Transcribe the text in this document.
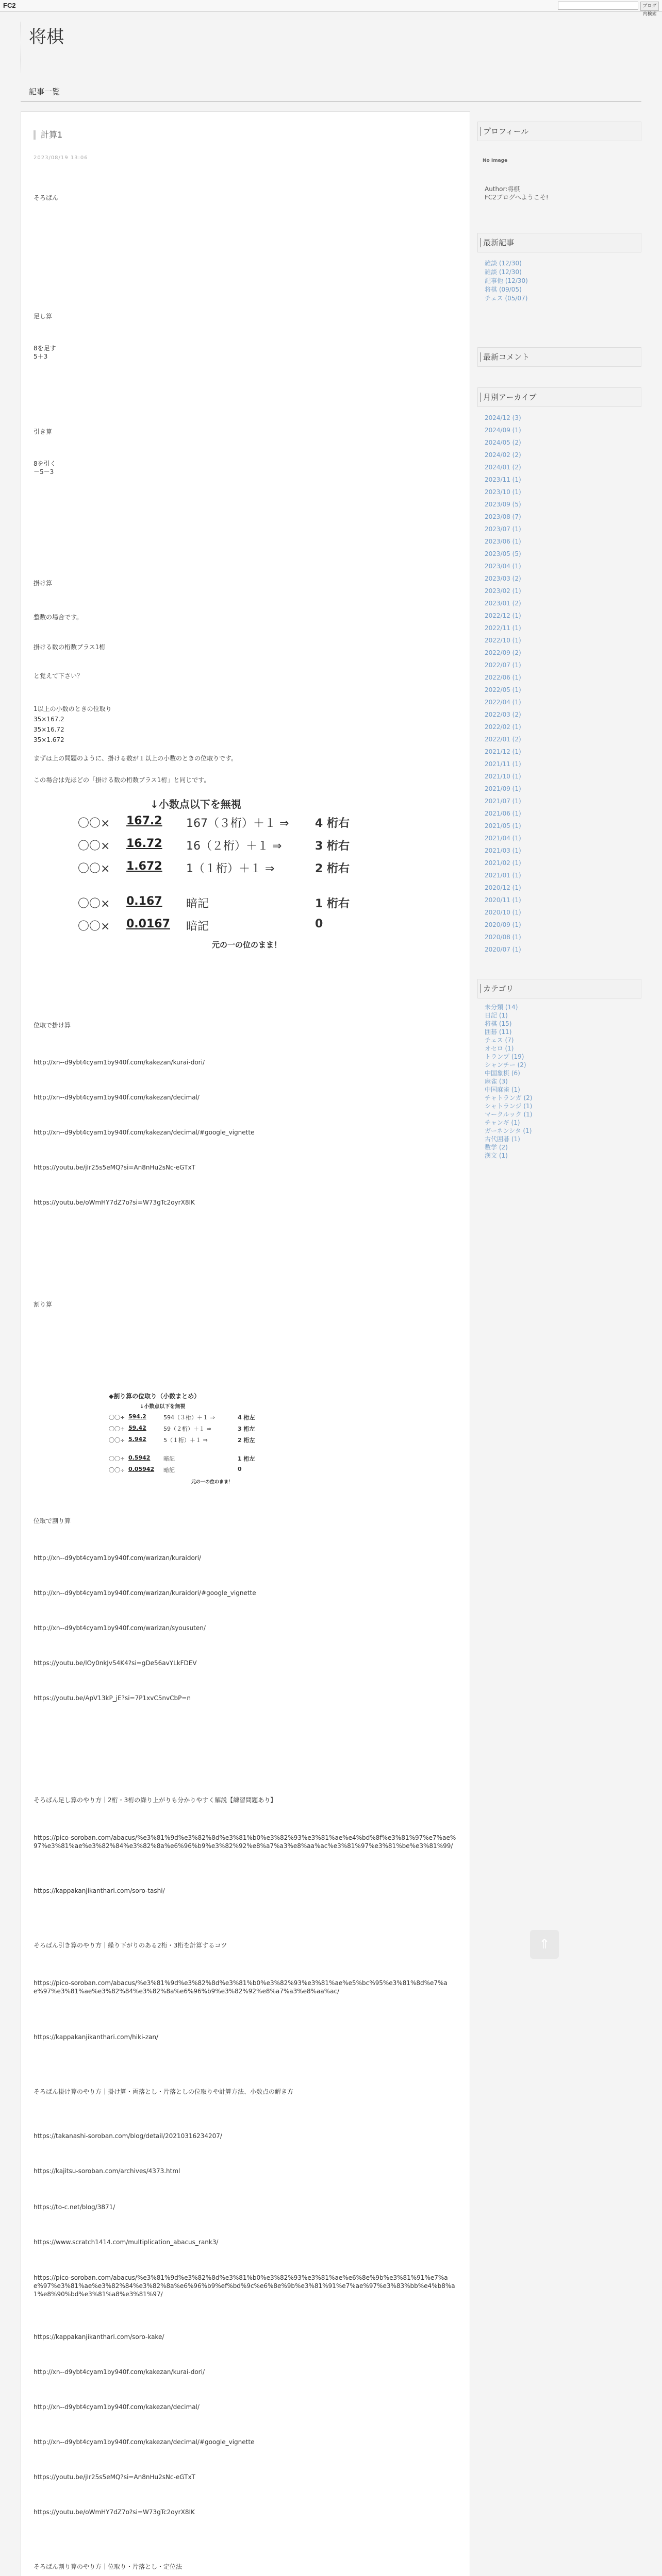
FC2	ブログ内検索
将棋
記事一覧
計算1
2023/08/19 13:06
そろばん
足し算
8を足す
5＋3
引き算
8を引く
－5－3
掛け算
整数の場合です。
掛ける数の桁数プラス1桁
と覚えて下さい？
1以上の小数のときの位取り
35×167.2
35×16.72
35×1.672
まずは上の問題のように、掛ける数が１以上の小数のときの位取りです。
この場合は先ほどの「掛ける数の桁数プラス1桁」と同じです。
位取で掛け算
http://xn--d9ybt4cyam1by940f.com/kakezan/kurai-dori/
http://xn--d9ybt4cyam1by940f.com/kakezan/decimal/
http://xn--d9ybt4cyam1by940f.com/kakezan/decimal/#google_vignette
https://youtu.be/jIr25s5eMQ?si=An8nHu2sNc-eGTxT
https://youtu.be/oWmHY7dZ7o?si=W73gTc2oyrX8IK
割り算
位取で割り算
http://xn--d9ybt4cyam1by940f.com/warizan/kuraidori/
http://xn--d9ybt4cyam1by940f.com/warizan/kuraidori/#google_vignette
http://xn--d9ybt4cyam1by940f.com/warizan/syousuten/
https://youtu.be/lOy0nkJv54K4?si=gDe56avYLkFDEV
https://youtu.be/ApV13kP_jE?si=7P1xvC5nvCbP=n
そろばん足し算のやり方｜2桁・3桁の繰り上がりも分かりやすく解説【練習問題あり】
https://pico-soroban.com/abacus/%e3%81%9d%e3%82%8d%e3%81%b0%e3%82%93%e3%81%ae%e4%bd%8f%e3%81%97%e7%ae%97%e3%81%ae%e3%82%84%e3%82%8a%e6%96%b9%e3%82%92%e8%a7%a3%e8%aa%ac%e3%81%97%e3%81%be%e3%81%99/
https://kappakanjikanthari.com/soro-tashi/
そろばん引き算のやり方｜繰り下がりのある2桁・3桁を計算するコツ
https://pico-soroban.com/abacus/%e3%81%9d%e3%82%8d%e3%81%b0%e3%82%93%e3%81%ae%e5%bc%95%e3%81%8d%e7%ae%97%e3%81%ae%e3%82%84%e3%82%8a%e6%96%b9%e3%82%92%e8%a7%a3%e8%aa%ac/
https://kappakanjikanthari.com/hiki-zan/
そろばん掛け算のやり方｜掛け算・両落とし・片落としの位取りや計算方法、小数点の解き方
https://takanashi-soroban.com/blog/detail/20210316234207/
https://kajitsu-soroban.com/archives/4373.html
https://to-c.net/blog/3871/
https://www.scratch1414.com/multiplication_abacus_rank3/
https://pico-soroban.com/abacus/%e3%81%9d%e3%82%8d%e3%81%b0%e3%82%93%e3%81%ae%e6%8e%9b%e3%81%91%e7%ae%97%e3%81%ae%e3%82%84%e3%82%8a%e6%96%b9%ef%bd%9c%e6%8e%9b%e3%81%91%e7%ae%97%e3%83%bb%e4%b8%a1%e8%90%bd%e3%81%a8%e3%81%97/
https://kappakanjikanthari.com/soro-kake/
http://xn--d9ybt4cyam1by940f.com/kakezan/kurai-dori/
http://xn--d9ybt4cyam1by940f.com/kakezan/decimal/
http://xn--d9ybt4cyam1by940f.com/kakezan/decimal/#google_vignette
https://youtu.be/jIr25s5eMQ?si=An8nHu2sNc-eGTxT
https://youtu.be/oWmHY7dZ7o?si=W73gTc2oyrX8IK
そろばん割り算のやり方｜位取り・片落とし・定位法
↓小数点以下を無視
〇〇× 167.2 167（３桁）＋１ ⇒ 4 桁右
〇〇× 16.72 16（２桁）＋１ ⇒	3 桁右
〇〇× 1.672 1（１桁）＋１ ⇒	2 桁右
〇〇× 0.167 暗記	1 桁右
〇〇× 0.0167 暗記	0
元の一の位のまま！
◆割り算の位取り（小数まとめ）
↓小数点以下を無視
〇〇÷ 594.2	594（３桁）＋１ ⇒	4 桁左
〇〇÷ 59.42	59（２桁）＋１ ⇒	3 桁左
〇〇÷ 5.942	5（１桁）＋１ ⇒	2 桁左
〇〇÷ 0.5942 暗記	1 桁左
〇〇÷ 0.05942 暗記	0
元の一の位のまま！
プロフィール
No Image
Author:将棋
FC2ブログへようこそ!
最新記事
雑談 (12/30)
雑談 (12/30)
記事他 (12/30)
将棋 (09/05)
チェス (05/07)
最新コメント
月別アーカイブ
2024/12 (3)
2024/09 (1)
2024/05 (2)
2024/02 (2)
2024/01 (2)
2023/11 (1)
2023/10 (1)
2023/09 (5)
2023/08 (7)
2023/07 (1)
2023/06 (1)
2023/05 (5)
2023/04 (1)
2023/03 (2)
2023/02 (1)
2023/01 (2)
2022/12 (1)
2022/11 (1)
2022/10 (1)
2022/09 (2)
2022/07 (1)
2022/06 (1)
2022/05 (1)
2022/04 (1)
2022/03 (2)
2022/02 (1)
2022/01 (2)
2021/12 (1)
2021/11 (1)
2021/10 (1)
2021/09 (1)
2021/07 (1)
2021/06 (1)
2021/05 (1)
2021/04 (1)
2021/03 (1)
2021/02 (1)
2021/01 (1)
2020/12 (1)
2020/11 (1)
2020/10 (1)
2020/09 (1)
2020/08 (1)
2020/07 (1)
カテゴリ
未分類 (14)
日記 (1)
将棋 (15)
囲碁 (11)
チェス (7)
オセロ (1)
トランプ (19)
シャンチー (2)
中国象棋 (6)
麻雀 (3)
中国麻雀 (1)
チャトランガ (2)
シャトランジ (1)
マークルック (1)
チャンギ (1)
ガーネンシタ (1)
古代囲碁 (1)
数学 (2)
漢文 (1)
⇑
